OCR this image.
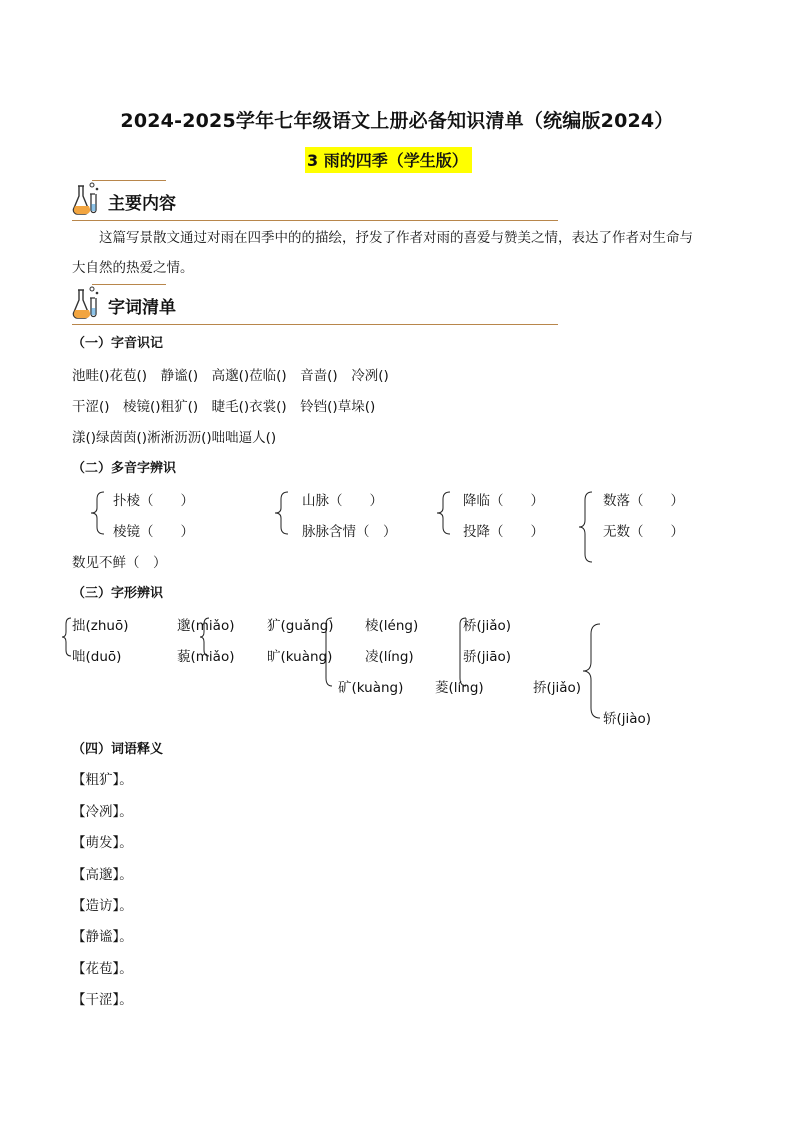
2024-2025学年七年级语文上册必备知识清单（统编版2024）
3 雨的四季（学生版）
主要内容
这篇写景散文通过对雨在四季中的的描绘，抒发了作者对雨的喜爱与赞美之情，表达了作者对生命与
大自然的热爱之情。
字词清单
（一）字音识记
池畦()花苞()　静谧()　高邈()莅临()　音啬()　冷冽()
干涩()　棱镜()粗犷()　睫毛()衣裳()　铃铛()草垛()
漾()绿茵茵()淅淅沥沥()咄咄逼人()
（二）多音字辨识
扑棱（　　）
棱镜（　　）
山脉（　　）
脉脉含情（　）
降临（　　）
投降（　　）
数落（　　）
无数（　　）
数见不鲜（　）
（三）字形辨识
拙(zhuō)
咄(duō)
邈(miǎo)
藐(miǎo)
犷(guǎng)
旷(kuàng)
矿(kuàng)
棱(léng)
凌(líng)
菱(líng)
桥(jiǎo)
骄(jiāo)
挢(jiǎo)
轿(jiào)
（四）词语释义
【粗犷】。
【冷冽】。
【萌发】。
【高邈】。
【造访】。
【静谧】。
【花苞】。
【干涩】。
